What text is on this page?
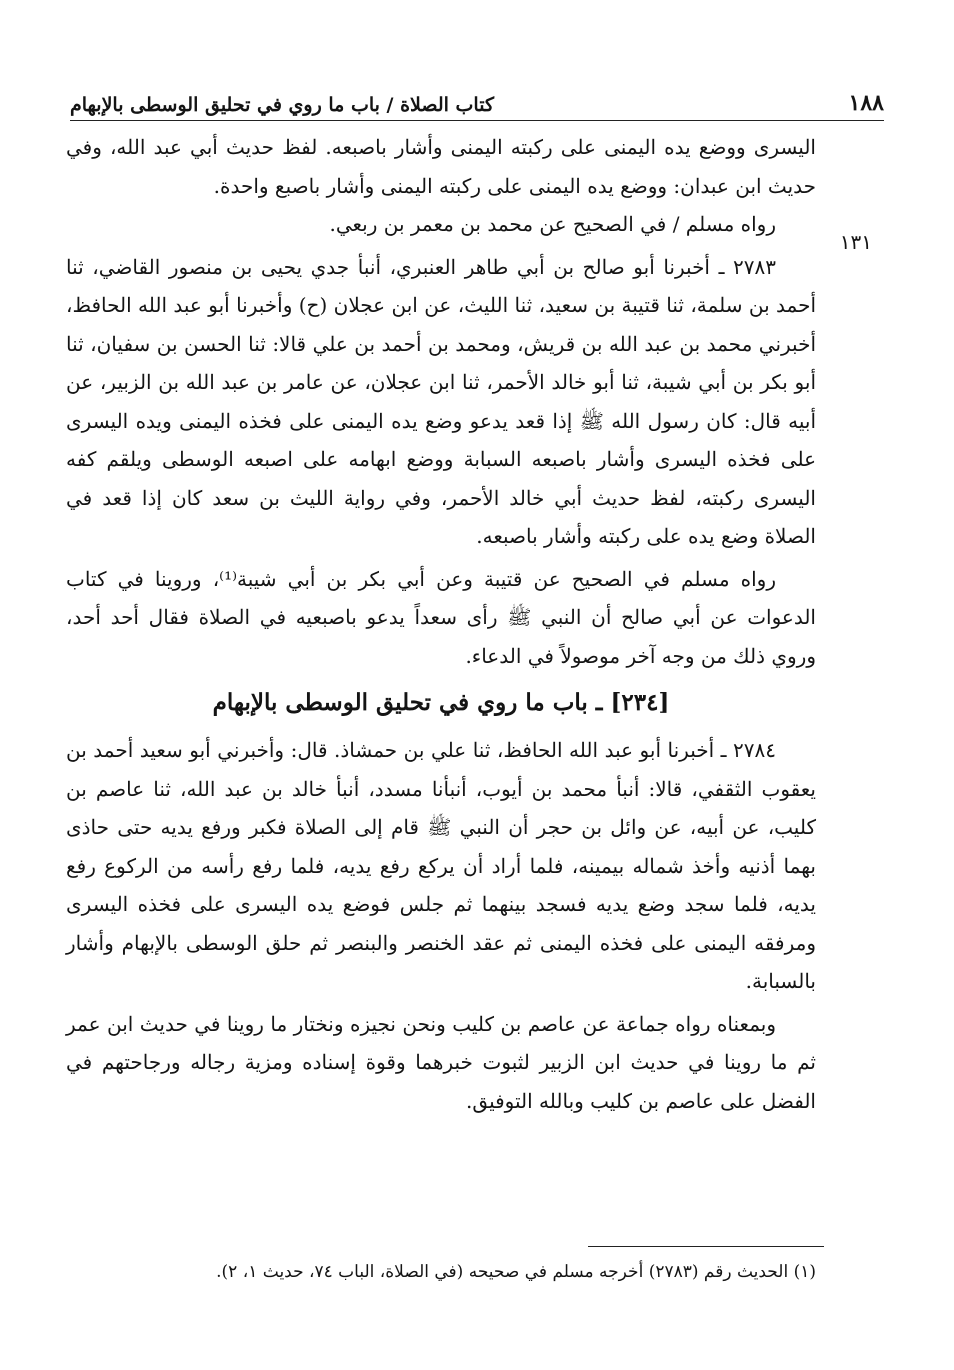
١٨٨
كتاب الصلاة / باب ما روي في تحليق الوسطى بالإبهام
١٣١

اليسرى ووضع يده اليمنى على ركبته اليمنى وأشار باصبعه. لفظ حديث أبي عبد الله، وفي حديث ابن عبدان: ووضع يده اليمنى على ركبته اليمنى وأشار باصبع واحدة.

رواه مسلم / في الصحيح عن محمد بن معمر بن ربعي.

٢٧٨٣ ـ أخبرنا أبو صالح بن أبي طاهر العنبري، أنبأ جدي يحيى بن منصور القاضي، ثنا أحمد بن سلمة، ثنا قتيبة بن سعيد، ثنا الليث، عن ابن عجلان (ح) وأخبرنا أبو عبد الله الحافظ، أخبرني محمد بن عبد الله بن قريش، ومحمد بن أحمد بن علي قالا: ثنا الحسن بن سفيان، ثنا أبو بكر بن أبي شيبة، ثنا أبو خالد الأحمر، ثنا ابن عجلان، عن عامر بن عبد الله بن الزبير، عن أبيه قال: كان رسول الله ﷺ إذا قعد يدعو وضع يده اليمنى على فخذه اليمنى ويده اليسرى على فخذه اليسرى وأشار باصبعه السبابة ووضع ابهامه على اصبعه الوسطى ويلقم كفه اليسرى ركبته، لفظ حديث أبي خالد الأحمر، وفي رواية الليث بن سعد كان إذا قعد في الصلاة وضع يده على ركبته وأشار باصبعه.

رواه مسلم في الصحيح عن قتيبة وعن أبي بكر بن أبي شيبة⁽¹⁾، وروينا في كتاب الدعوات عن أبي صالح أن النبي ﷺ رأى سعداً يدعو باصبعيه في الصلاة فقال أحد أحد، وروي ذلك من وجه آخر موصولاً في الدعاء.

[٢٣٤] ـ باب ما روي في تحليق الوسطى بالإبهام

٢٧٨٤ ـ أخبرنا أبو عبد الله الحافظ، ثنا علي بن حمشاذ. قال: وأخبرني أبو سعيد أحمد بن يعقوب الثقفي، قالا: أنبأ محمد بن أيوب، أنبأنا مسدد، أنبأ خالد بن عبد الله، ثنا عاصم بن كليب، عن أبيه، عن وائل بن حجر أن النبي ﷺ قام إلى الصلاة فكبر ورفع يديه حتى حاذى بهما أذنيه وأخذ شماله بيمينه، فلما أراد أن يركع رفع يديه، فلما رفع رأسه من الركوع رفع يديه، فلما سجد وضع يديه فسجد بينهما ثم جلس فوضع يده اليسرى على فخذه اليسرى ومرفقه اليمنى على فخذه اليمنى ثم عقد الخنصر والبنصر ثم حلق الوسطى بالإبهام وأشار بالسبابة.

وبمعناه رواه جماعة عن عاصم بن كليب ونحن نجيزه ونختار ما روينا في حديث ابن عمر ثم ما روينا في حديث ابن الزبير لثبوت خبرهما وقوة إسناده ومزية رجاله ورجاحتهم في الفضل على عاصم بن كليب وبالله التوفيق.

(١) الحديث رقم (٢٧٨٣) أخرجه مسلم في صحيحه (في الصلاة، الباب ٧٤، حديث ١، ٢).
